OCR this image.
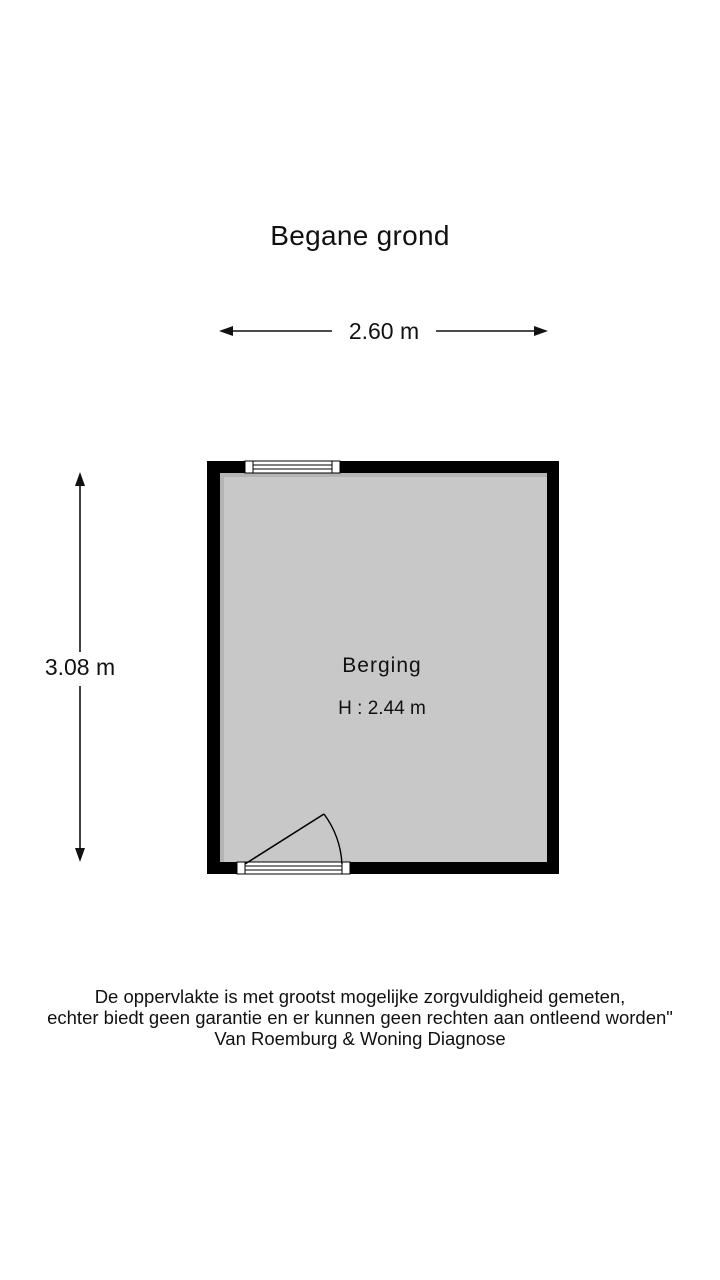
Begane grond
2.60 m
3.08 m	Berging
H : 2.44 m
De oppervlakte is met grootst mogelijke zorgvuldigheid gemeten,
echter biedt geen garantie en er kunnen geen rechten aan ontleend worden"
Van Roemburg & Woning Diagnose
